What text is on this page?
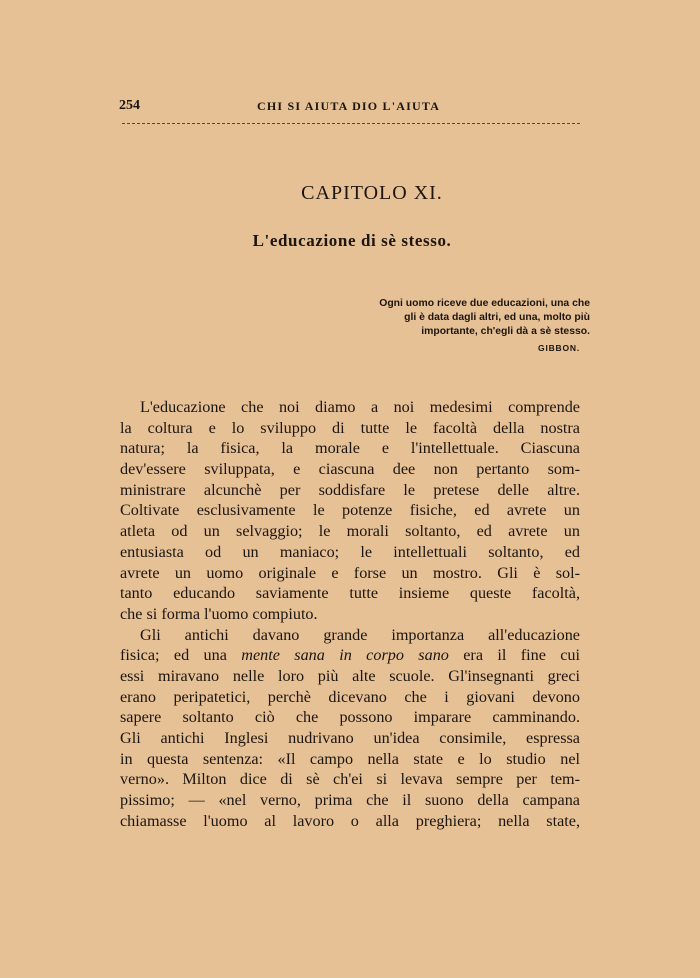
254	CHI SI AIUTA DIO L'AIUTA
CAPITOLO XI.
L'educazione di sè stesso.
Ogni uomo riceve due educazioni, una che
gli è data dagli altri, ed una, molto più
importante, ch'egli dà a sè stesso.
GIBBON.
L'educazione che noi diamo a noi medesimi comprende
la coltura e lo sviluppo di tutte le facoltà della nostra
natura; la fisica, la morale e l'intellettuale. Ciascuna
dev'essere sviluppata, e ciascuna dee non pertanto som-
ministrare alcunchè per soddisfare le pretese delle altre.
Coltivate esclusivamente le potenze fisiche, ed avrete un
atleta od un selvaggio; le morali soltanto, ed avrete un
entusiasta od un maniaco; le intellettuali soltanto, ed
avrete un uomo originale e forse un mostro. Gli è sol-
tanto educando saviamente tutte insieme queste facoltà,
che si forma l'uomo compiuto.
Gli antichi davano grande importanza all'educazione
fisica; ed una mente sana in corpo sano era il fine cui
essi miravano nelle loro più alte scuole. Gl'insegnanti greci
erano peripatetici, perchè dicevano che i giovani devono
sapere soltanto ciò che possono imparare camminando.
Gli antichi Inglesi nudrivano un'idea consimile, espressa
in questa sentenza: «Il campo nella state e lo studio nel
verno». Milton dice di sè ch'ei si levava sempre per tem-
pissimo; — «nel verno, prima che il suono della campana
chiamasse l'uomo al lavoro o alla preghiera; nella state,
